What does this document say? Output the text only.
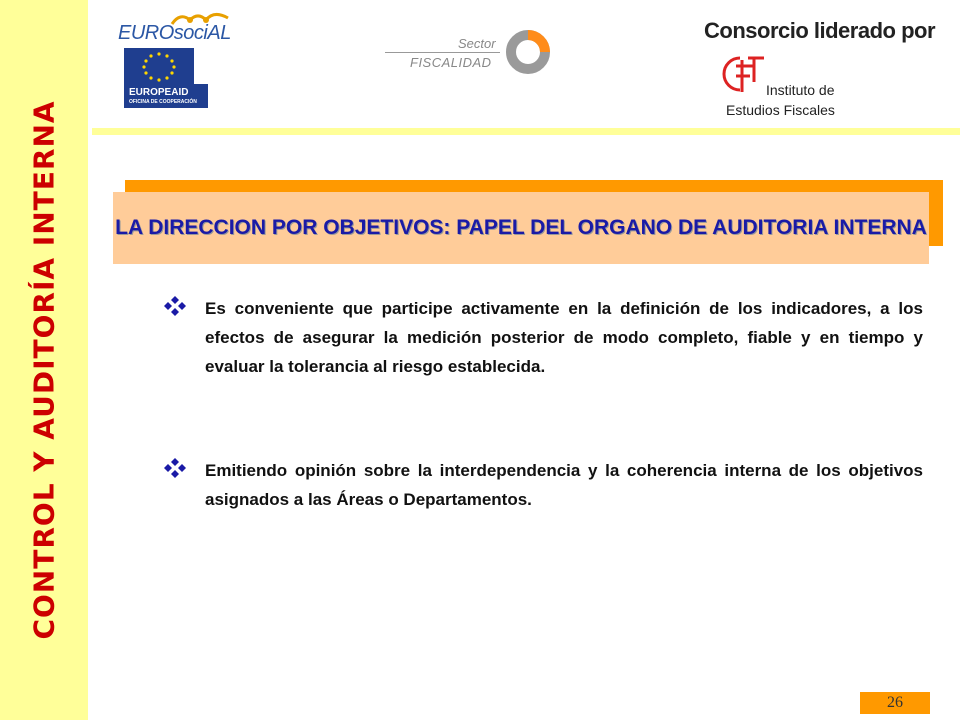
CONTROL Y AUDITORÍA INTERNA
EUROsociAL
EUROPEAID
OFICINA DE COOPERACIÓN
Sector
FISCALIDAD
Consorcio liderado por
Instituto de
Estudios Fiscales
LA DIRECCION POR OBJETIVOS: PAPEL DEL ORGANO DE AUDITORIA INTERNA
Es conveniente que participe activamente en la definición de los indicadores, a los efectos de asegurar la medición posterior de modo completo, fiable y en tiempo y evaluar la tolerancia al riesgo establecida.
Emitiendo opinión sobre la interdependencia y la coherencia interna de los objetivos asignados a las Áreas o Departamentos.
26
